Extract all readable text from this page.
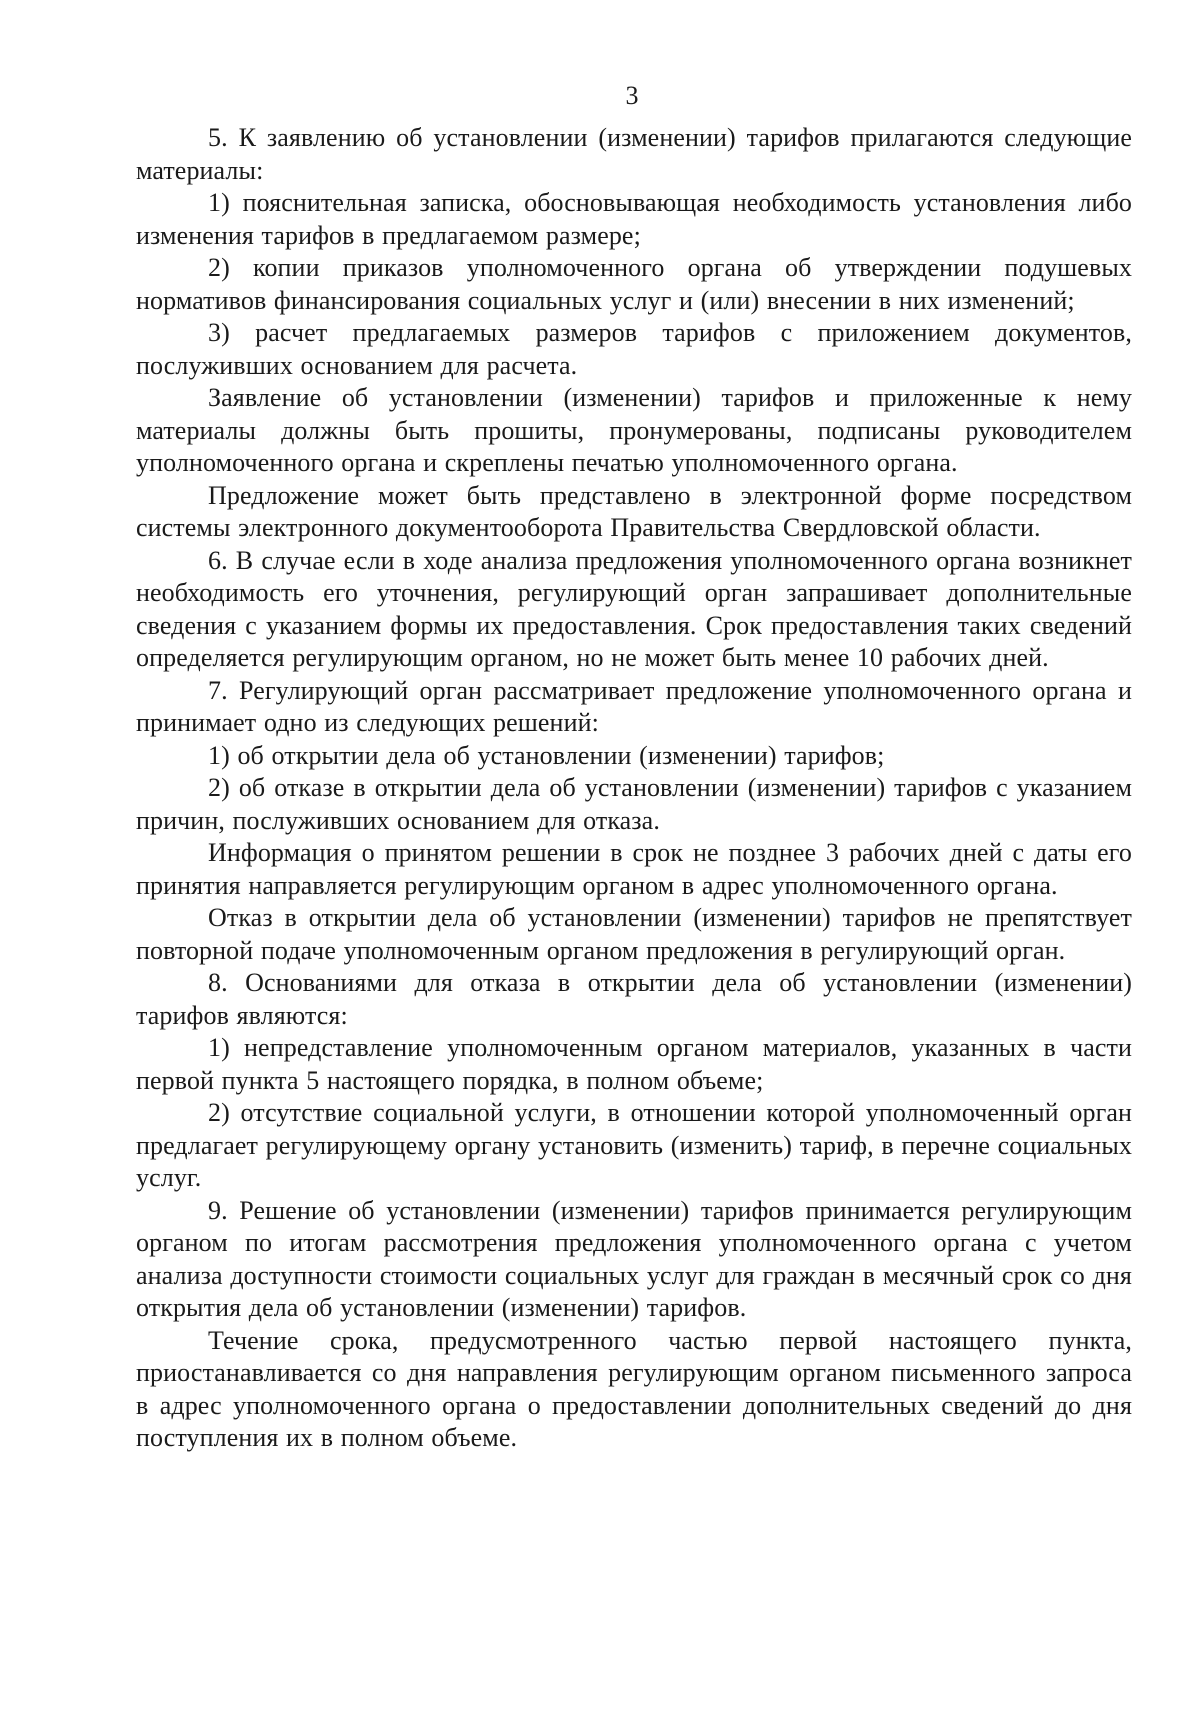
3

5. К заявлению об установлении (изменении) тарифов прилагаются следующие материалы:

1) пояснительная записка, обосновывающая необходимость установления либо изменения тарифов в предлагаемом размере;

2) копии приказов уполномоченного органа об утверждении подушевых нормативов финансирования социальных услуг и (или) внесении в них изменений;

3) расчет предлагаемых размеров тарифов с приложением документов, послуживших основанием для расчета.

Заявление об установлении (изменении) тарифов и приложенные к нему материалы должны быть прошиты, пронумерованы, подписаны руководителем уполномоченного органа и скреплены печатью уполномоченного органа.

Предложение может быть представлено в электронной форме посредством системы электронного документооборота Правительства Свердловской области.

6. В случае если в ходе анализа предложения уполномоченного органа возникнет необходимость его уточнения, регулирующий орган запрашивает дополнительные сведения с указанием формы их предоставления. Срок предоставления таких сведений определяется регулирующим органом, но не может быть менее 10 рабочих дней.

7. Регулирующий орган рассматривает предложение уполномоченного органа и принимает одно из следующих решений:

1) об открытии дела об установлении (изменении) тарифов;

2) об отказе в открытии дела об установлении (изменении) тарифов с указанием причин, послуживших основанием для отказа.

Информация о принятом решении в срок не позднее 3 рабочих дней с даты его принятия направляется регулирующим органом в адрес уполномоченного органа.

Отказ в открытии дела об установлении (изменении) тарифов не препятствует повторной подаче уполномоченным органом предложения в регулирующий орган.

8. Основаниями для отказа в открытии дела об установлении (изменении) тарифов являются:

1) непредставление уполномоченным органом материалов, указанных в части первой пункта 5 настоящего порядка, в полном объеме;

2) отсутствие социальной услуги, в отношении которой уполномоченный орган предлагает регулирующему органу установить (изменить) тариф, в перечне социальных услуг.

9. Решение об установлении (изменении) тарифов принимается регулирующим органом по итогам рассмотрения предложения уполномоченного органа с учетом анализа доступности стоимости социальных услуг для граждан в месячный срок со дня открытия дела об установлении (изменении) тарифов.

Течение срока, предусмотренного частью первой настоящего пункта, приостанавливается со дня направления регулирующим органом письменного запроса в адрес уполномоченного органа о предоставлении дополнительных сведений до дня поступления их в полном объеме.
